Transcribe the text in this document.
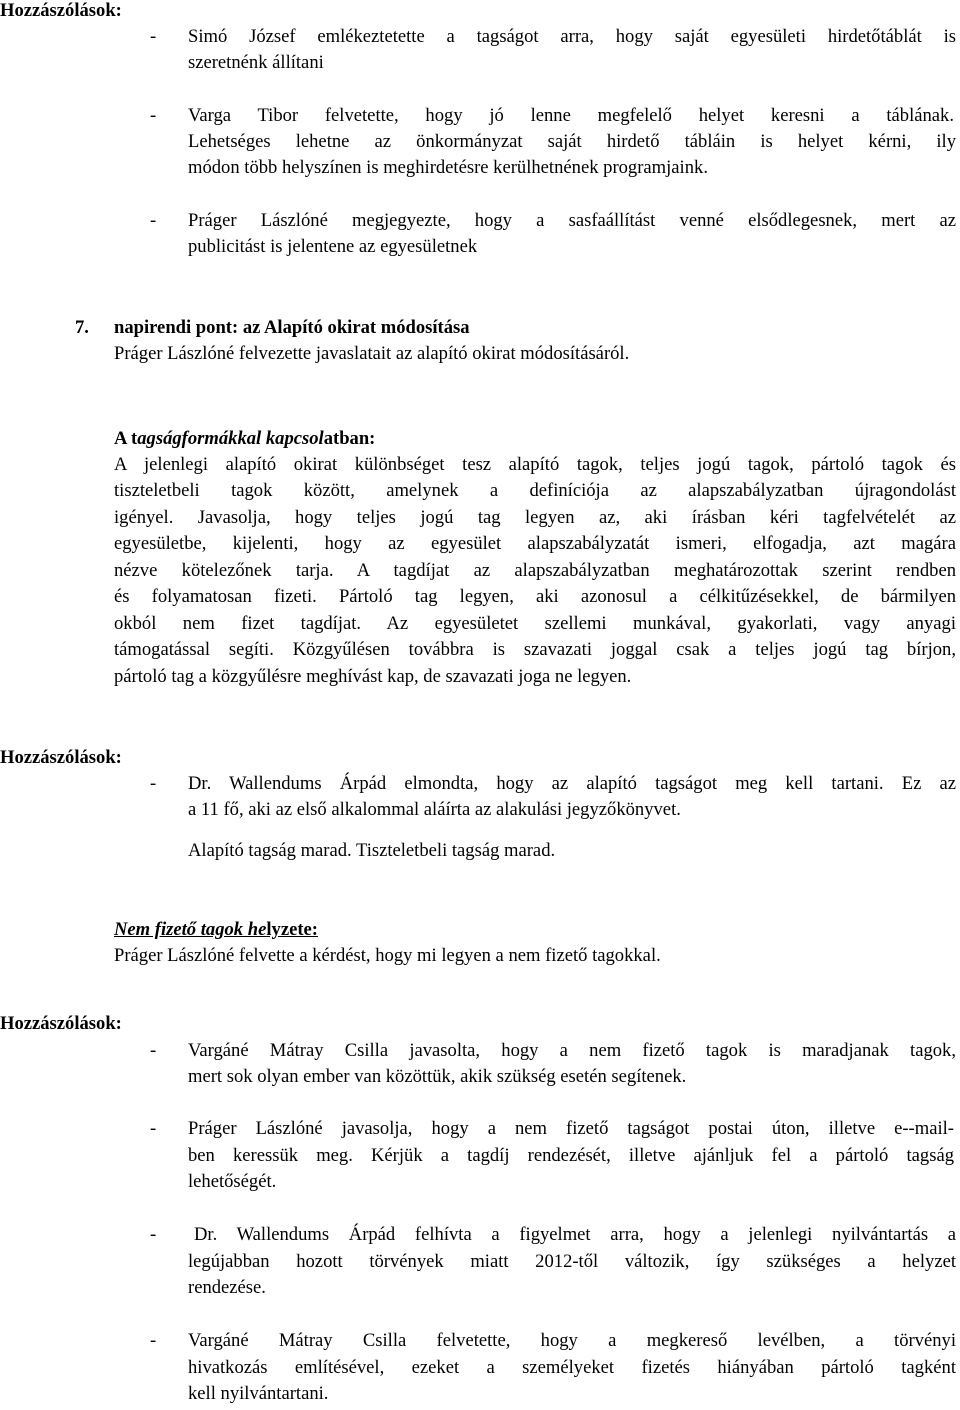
Hozzászólások:
-	Simó József emlékeztetette a tagságot arra, hogy saját egyesületi hirdetőtáblát is
szeretnénk állítani
-	Varga Tibor felvetette, hogy jó lenne megfelelő helyet keresni a táblának.
Lehetséges lehetne az önkormányzat saját hirdető tábláin is helyet kérni, ily
módon több helyszínen is meghirdetésre kerülhetnének programjaink.
-	Práger Lászlóné megjegyezte, hogy a sasfaállítást venné elsődlegesnek, mert az
publicitást is jelentene az egyesületnek
7. napirendi pont: az Alapító okirat módosítása
Práger Lászlóné felvezette javaslatait az alapító okirat módosításáról.
A tagságformákkal kapcsolatban:
A jelenlegi alapító okirat különbséget tesz alapító tagok, teljes jogú tagok, pártoló tagok és
tiszteletbeli tagok között, amelynek a definíciója az alapszabályzatban újragondolást
igényel. Javasolja, hogy teljes jogú tag legyen az, aki írásban kéri tagfelvételét az
egyesületbe, kijelenti, hogy az egyesület alapszabályzatát ismeri, elfogadja, azt magára
nézve kötelezőnek tarja. A tagdíjat az alapszabályzatban meghatározottak szerint rendben
és folyamatosan fizeti. Pártoló tag legyen, aki azonosul a célkitűzésekkel, de bármilyen
okból nem fizet tagdíjat. Az egyesületet szellemi munkával, gyakorlati, vagy anyagi
támogatással segíti. Közgyűlésen továbbra is szavazati joggal csak a teljes jogú tag bírjon,
pártoló tag a közgyűlésre meghívást kap, de szavazati joga ne legyen.
Hozzászólások:
-	Dr. Wallendums Árpád elmondta, hogy az alapító tagságot meg kell tartani. Ez az
a 11 fő, aki az első alkalommal aláírta az alakulási jegyzőkönyvet.
Alapító tagság marad. Tiszteletbeli tagság marad.
Nem fizető tagok helyzete:
Práger Lászlóné felvette a kérdést, hogy mi legyen a nem fizető tagokkal.
Hozzászólások:
-	Vargáné Mátray Csilla javasolta, hogy a nem fizető tagok is maradjanak tagok,
mert sok olyan ember van közöttük, akik szükség esetén segítenek.
-	Práger Lászlóné javasolja, hogy a nem fizető tagságot postai úton, illetve e--mail-
ben keressük meg. Kérjük a tagdíj rendezését, illetve ajánljuk fel a pártoló tagság
lehetőségét.
-	Dr. Wallendums Árpád felhívta a figyelmet arra, hogy a jelenlegi nyilvántartás a
legújabban hozott törvények miatt 2012-től változik, így szükséges a helyzet
rendezése.
-	Vargáné Mátray Csilla felvetette, hogy a megkereső levélben, a törvényi
hivatkozás említésével, ezeket a személyeket fizetés hiányában pártoló tagként
kell nyilvántartani.
